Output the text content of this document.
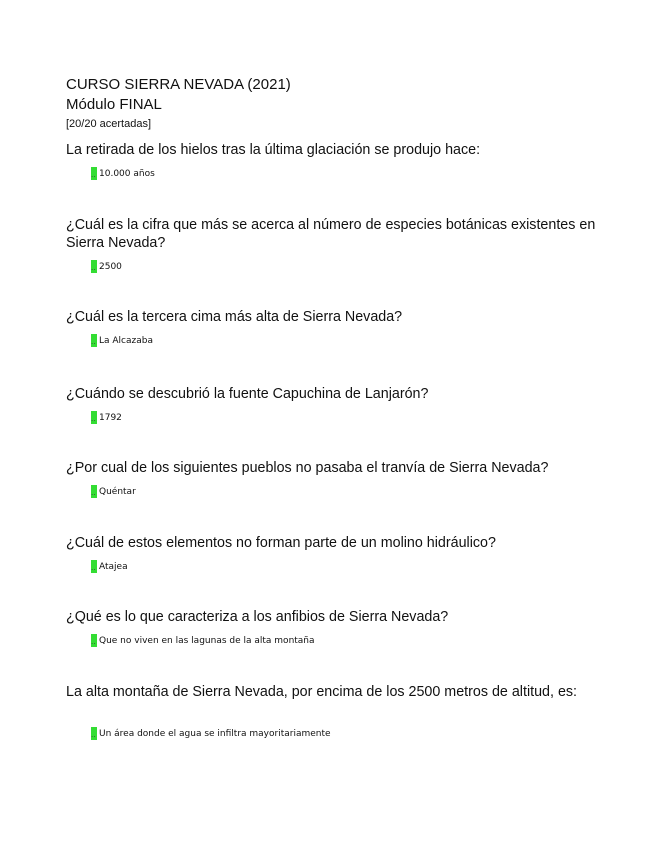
CURSO SIERRA NEVADA (2021)
Módulo FINAL
[20/20 acertadas]

La retirada de los hielos tras la última glaciación se produjo hace:

..
10.000 años

¿Cuál es la cifra que más se acerca al número de especies botánicas existentes en Sierra Nevada?

..
2500

¿Cuál es la tercera cima más alta de Sierra Nevada?

..
La Alcazaba

¿Cuándo se descubrió la fuente Capuchina de Lanjarón?

..
1792

¿Por cual de los siguientes pueblos no pasaba el tranvía de Sierra Nevada?

..
Quéntar

¿Cuál de estos elementos no forman parte de un molino hidráulico?

..
Atajea

¿Qué es lo que caracteriza a los anfibios de Sierra Nevada?

..
Que no viven en las lagunas de la alta montaña

La alta montaña de Sierra Nevada, por encima de los 2500 metros de altitud, es:

..
Un área donde el agua se infiltra mayoritariamente
